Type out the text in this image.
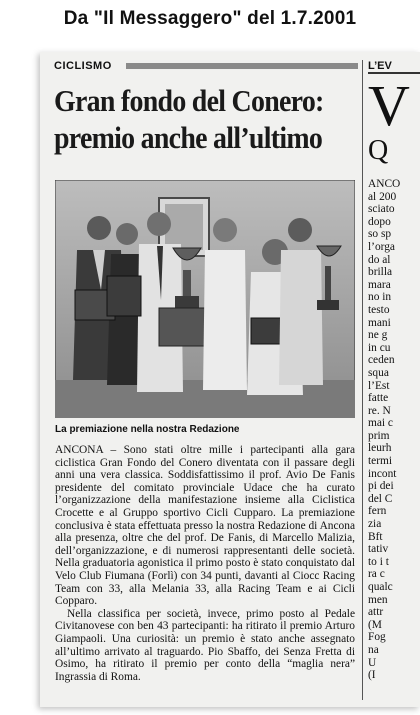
Da "Il Messaggero" del 1.7.2001
CICLISMO
Gran fondo del Conero:
premio anche all’ultimo
La premiazione nella nostra Redazione

ANCONA – Sono stati oltre mille i partecipanti alla gara ciclistica Gran Fondo del Conero diventata con il passare degli anni una vera classica. Soddisfattissimo il prof. Avio De Fanis presidente del comitato provinciale Udace che ha curato l’organizzazione della manifestazione insieme alla Ciclistica Crocette e al Gruppo sportivo Cicli Cupparo. La premiazione conclusiva è stata effettuata presso la nostra Redazione di Ancona alla presenza, oltre che del prof. De Fanis, di Marcello Malizia, dell’organizzazione, e di numerosi rappresentanti delle società. Nella graduatoria agonistica il primo posto è stato conquistato dal Velo Club Fiumana (Forlì) con 34 punti, davanti al Ciocc Racing Team con 33, alla Melania 33, alla Racing Team e ai Cicli Copparo.

Nella classifica per società, invece, primo posto al Pedale Civitanovese con ben 43 partecipanti: ha ritirato il premio Arturo Giampaoli. Una curiosità: un premio è stato anche assegnato all’ultimo arrivato al traguardo. Pio Sbaffo, dei Senza Fretta di Osimo, ha ritirato il premio per conto della “maglia nera” Ingrassia di Roma.

L’EV
V
Q
ANCO
al 200
sciato
dopo
so sp
l’orga
do al
brilla
mara
no in
testo
mani
ne g
in cu
ceden
squa
l’Est
fatte
re. N
mai c
prim
leurh
termi
incont
pi dei
del C
fern
zia
Bft
tativ
to i t
ra c
qualc
men
attr
(M
Fog
na
U
(I
